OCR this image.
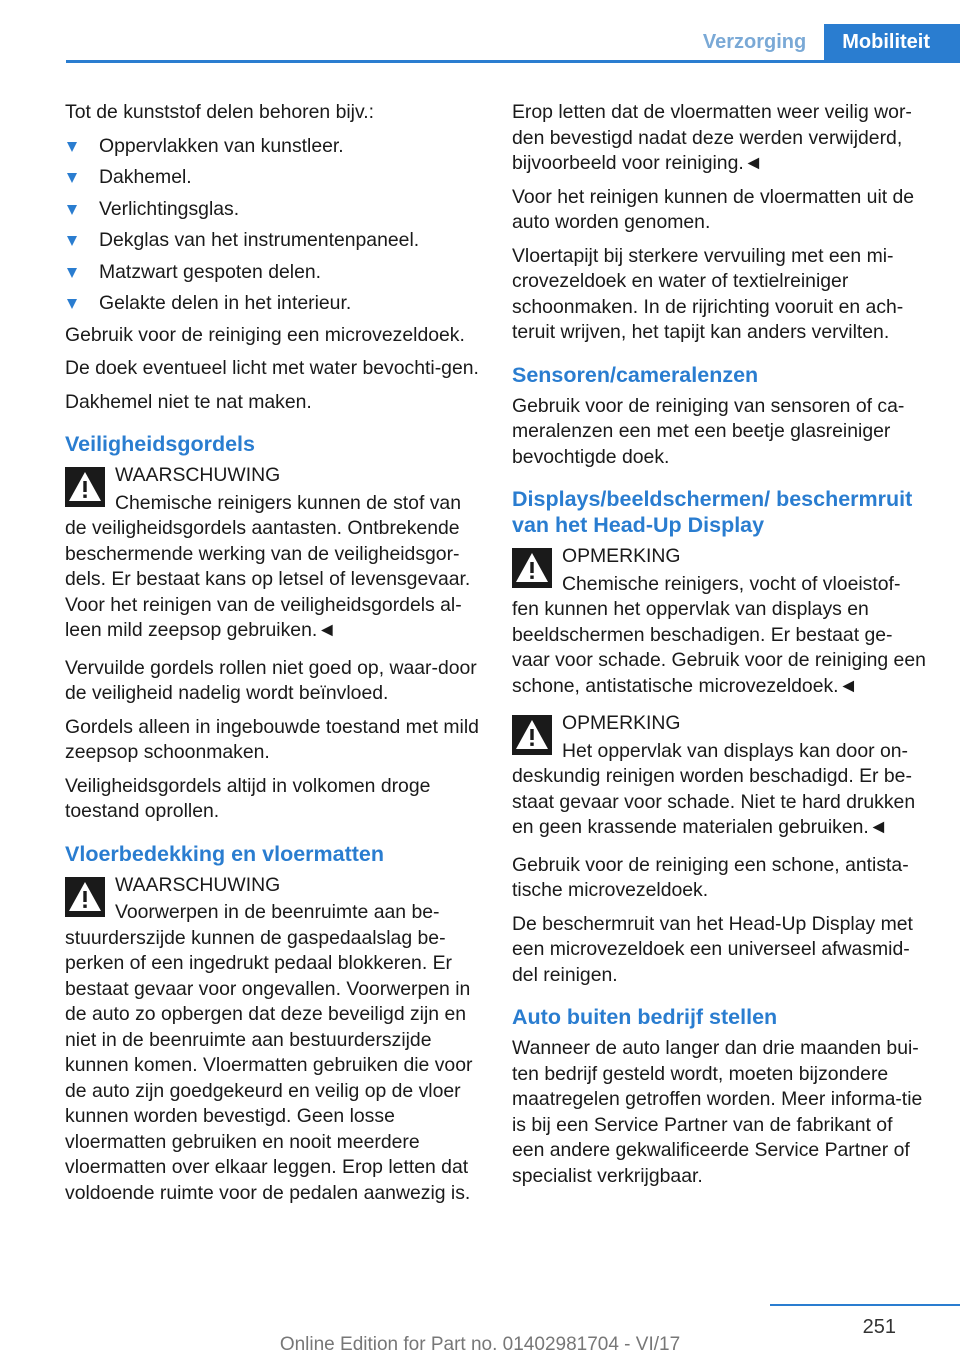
Verzorging	Mobiliteit

Tot de kunststof delen behoren bijv.:

Oppervlakken van kunstleer.
Dakhemel.
Verlichtingsglas.
Dekglas van het instrumentenpaneel.
Matzwart gespoten delen.
Gelakte delen in het interieur.

Gebruik voor de reiniging een microvezeldoek.

De doek eventueel licht met water bevochti-gen.

Dakhemel niet te nat maken.

Veiligheidsgordels
WAARSCHUWING
Chemische reinigers kunnen de stof van de veiligheidsgordels aantasten. Ontbrekende beschermende werking van de veiligheidsgor-dels. Er bestaat kans op letsel of levensgevaar. Voor het reinigen van de veiligheidsgordels al-leen mild zeepsop gebruiken.◄

Vervuilde gordels rollen niet goed op, waar-door de veiligheid nadelig wordt beïnvloed.

Gordels alleen in ingebouwde toestand met mild zeepsop schoonmaken.

Veiligheidsgordels altijd in volkomen droge toestand oprollen.

Vloerbedekking en vloermatten
WAARSCHUWING
Voorwerpen in de beenruimte aan be-stuurderszijde kunnen de gaspedaalslag be-perken of een ingedrukt pedaal blokkeren. Er bestaat gevaar voor ongevallen. Voorwerpen in de auto zo opbergen dat deze beveiligd zijn en niet in de beenruimte aan bestuurderszijde kunnen komen. Vloermatten gebruiken die voor de auto zijn goedgekeurd en veilig op de vloer kunnen worden bevestigd. Geen losse vloermatten gebruiken en nooit meerdere vloermatten over elkaar leggen. Erop letten dat voldoende ruimte voor de pedalen aanwezig is.

Erop letten dat de vloermatten weer veilig wor-den bevestigd nadat deze werden verwijderd, bijvoorbeeld voor reiniging.◄

Voor het reinigen kunnen de vloermatten uit de auto worden genomen.

Vloertapijt bij sterkere vervuiling met een mi-crovezeldoek en water of textielreiniger schoonmaken. In de rijrichting vooruit en ach-teruit wrijven, het tapijt kan anders vervilten.

Sensoren/cameralenzen

Gebruik voor de reiniging van sensoren of ca-meralenzen een met een beetje glasreiniger bevochtigde doek.

Displays/beeldschermen/ beschermruit van het Head-Up Display
OPMERKING
Chemische reinigers, vocht of vloeistof-fen kunnen het oppervlak van displays en beeldschermen beschadigen. Er bestaat ge-vaar voor schade. Gebruik voor de reiniging een schone, antistatische microvezeldoek.◄
OPMERKING
Het oppervlak van displays kan door on-deskundig reinigen worden beschadigd. Er be-staat gevaar voor schade. Niet te hard drukken en geen krassende materialen gebruiken.◄

Gebruik voor de reiniging een schone, antista-tische microvezeldoek.

De beschermruit van het Head-Up Display met een microvezeldoek een universeel afwasmid-del reinigen.

Auto buiten bedrijf stellen

Wanneer de auto langer dan drie maanden bui-ten bedrijf gesteld wordt, moeten bijzondere maatregelen getroffen worden. Meer informa-tie is bij een Service Partner van de fabrikant of een andere gekwalificeerde Service Partner of specialist verkrijgbaar.

251
Online Edition for Part no. 01402981704 - VI/17
